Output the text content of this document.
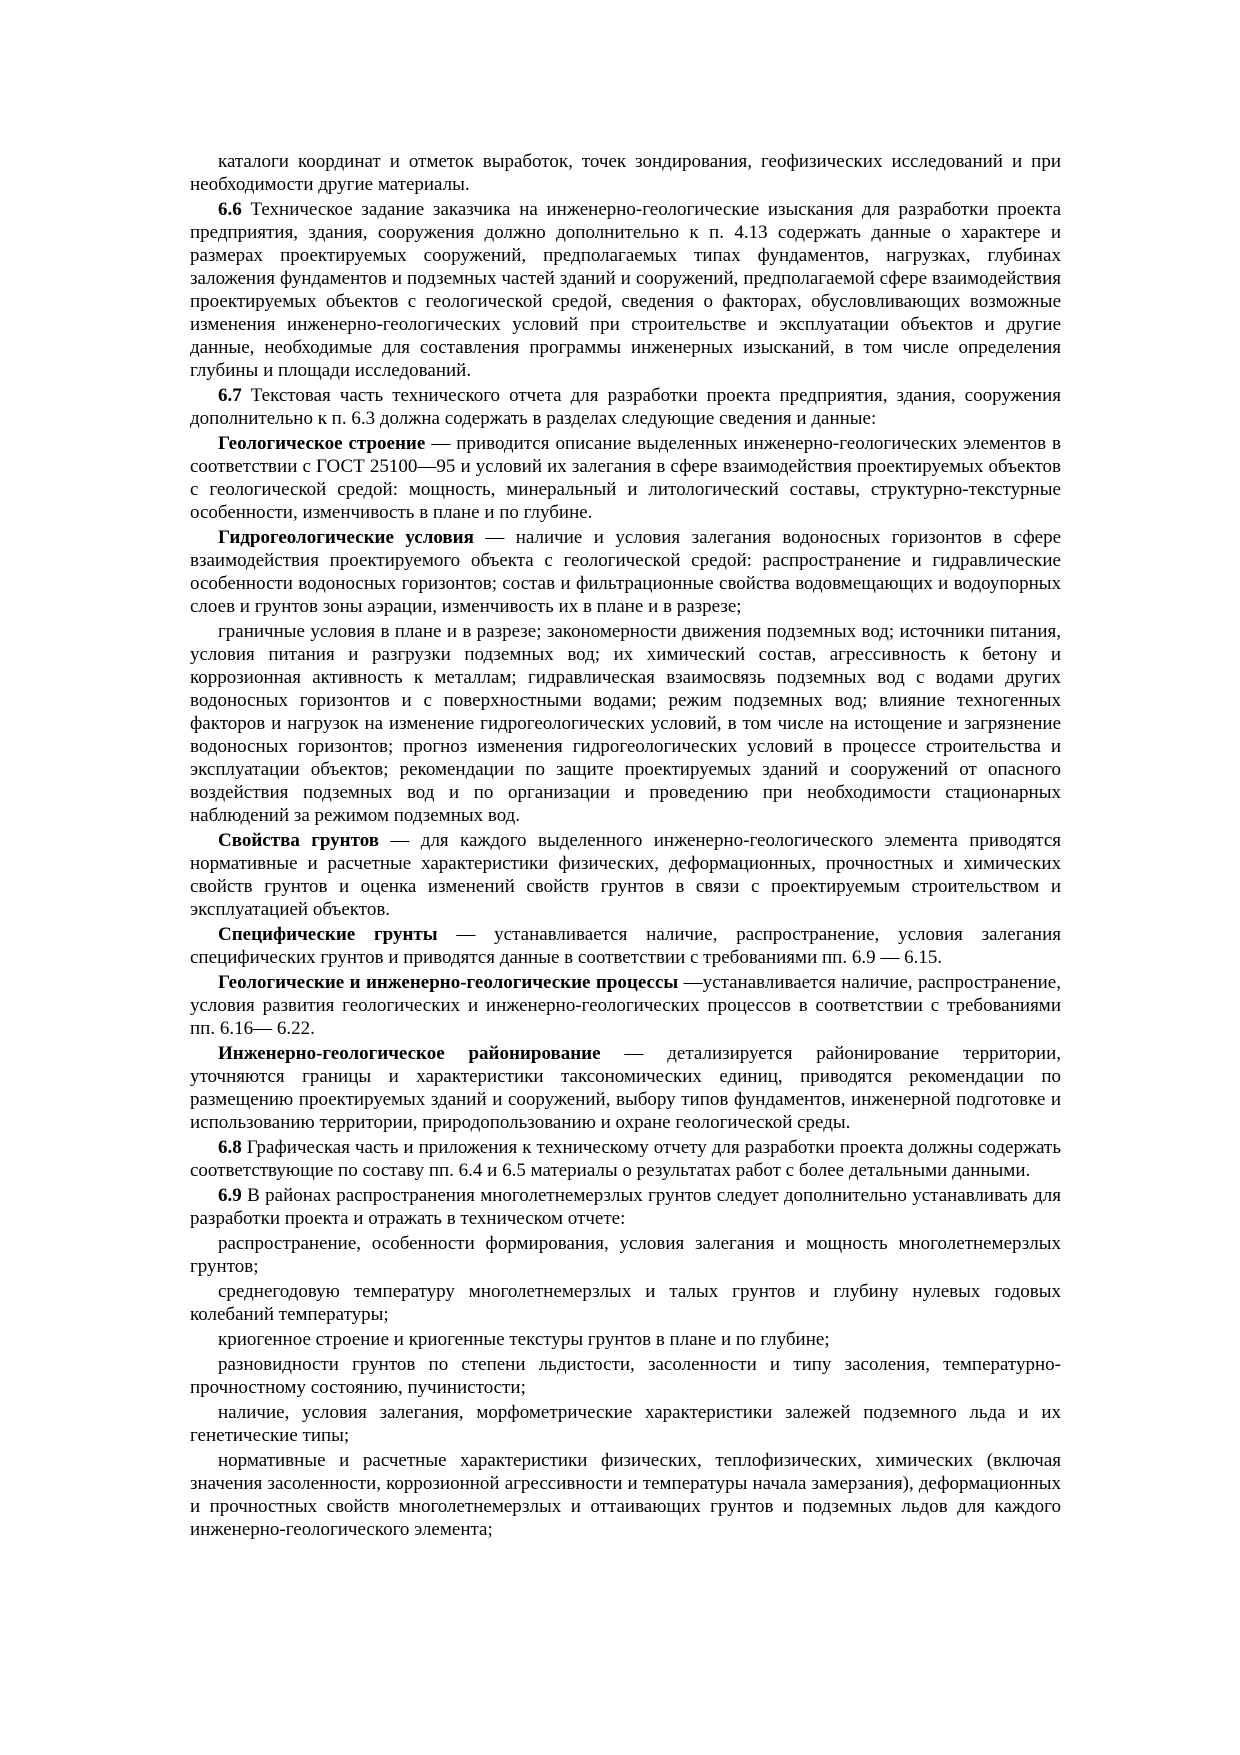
каталоги координат и отметок выработок, точек зондирования, геофизических исследований и при необходимости другие материалы.

6.6 Техническое задание заказчика на инженерно-геологические изыскания для разработки проекта предприятия, здания, сооружения должно дополнительно к п. 4.13 содержать данные о характере и размерах проектируемых сооружений, предполагаемых типах фундаментов, нагрузках, глубинах заложения фундаментов и подземных частей зданий и сооружений, предполагаемой сфере взаимодействия проектируемых объектов с геологической средой, сведения о факторах, обусловливающих возможные изменения инженерно-геологических условий при строительстве и эксплуатации объектов и другие данные, необходимые для составления программы инженерных изысканий, в том числе определения глубины и площади исследований.

6.7 Текстовая часть технического отчета для разработки проекта предприятия, здания, сооружения дополнительно к п. 6.3 должна содержать в разделах следующие сведения и данные:

Геологическое строение — приводится описание выделенных инженерно-геологических элементов в соответствии с ГОСТ 25100—95 и условий их залегания в сфере взаимодействия проектируемых объектов с геологической средой: мощность, минеральный и литологический составы, структурно-текстурные особенности, изменчивость в плане и по глубине.

Гидрогеологические условия — наличие и условия залегания водоносных горизонтов в сфере взаимодействия проектируемого объекта с геологической средой: распространение и гидравлические особенности водоносных горизонтов; состав и фильтрационные свойства водовмещающих и водоупорных слоев и грунтов зоны аэрации, изменчивость их в плане и в разрезе;

граничные условия в плане и в разрезе; закономерности движения подземных вод; источники питания, условия питания и разгрузки подземных вод; их химический состав, агрессивность к бетону и коррозионная активность к металлам; гидравлическая взаимосвязь подземных вод с водами других водоносных горизонтов и с поверхностными водами; режим подземных вод; влияние техногенных факторов и нагрузок на изменение гидрогеологических условий, в том числе на истощение и загрязнение водоносных горизонтов; прогноз изменения гидрогеологических условий в процессе строительства и эксплуатации объектов; рекомендации по защите проектируемых зданий и сооружений от опасного воздействия подземных вод и по организации и проведению при необходимости стационарных наблюдений за режимом подземных вод.

Свойства грунтов — для каждого выделенного инженерно-геологического элемента приводятся нормативные и расчетные характеристики физических, деформационных, прочностных и химических свойств грунтов и оценка изменений свойств грунтов в связи с проектируемым строительством и эксплуатацией объектов.

Специфические грунты — устанавливается наличие, распространение, условия залегания специфических грунтов и приводятся данные в соответствии с требованиями пп. 6.9 — 6.15.

Геологические и инженерно-геологические процессы —устанавливается наличие, распространение, условия развития геологических и инженерно-геологических процессов в соответствии с требованиями пп. 6.16— 6.22.

Инженерно-геологическое районирование — детализируется районирование территории, уточняются границы и характеристики таксономических единиц, приводятся рекомендации по размещению проектируемых зданий и сооружений, выбору типов фундаментов, инженерной подготовке и использованию территории, природопользованию и охране геологической среды.

6.8 Графическая часть и приложения к техническому отчету для разработки проекта должны содержать соответствующие по составу пп. 6.4 и 6.5 материалы о результатах работ с более детальными данными.

6.9 В районах распространения многолетнемерзлых грунтов следует дополнительно устанавливать для разработки проекта и отражать в техническом отчете:

распространение, особенности формирования, условия залегания и мощность многолетнемерзлых грунтов;

среднегодовую температуру многолетнемерзлых и талых грунтов и глубину нулевых годовых колебаний температуры;

криогенное строение и криогенные текстуры грунтов в плане и по глубине;

разновидности грунтов по степени льдистости, засоленности и типу засоления, температурно-прочностному состоянию, пучинистости;

наличие, условия залегания, морфометрические характеристики залежей подземного льда и их генетические типы;

нормативные и расчетные характеристики физических, теплофизических, химических (включая значения засоленности, коррозионной агрессивности и температуры начала замерзания), деформационных и прочностных свойств многолетнемерзлых и оттаивающих грунтов и подземных льдов для каждого инженерно-геологического элемента;
